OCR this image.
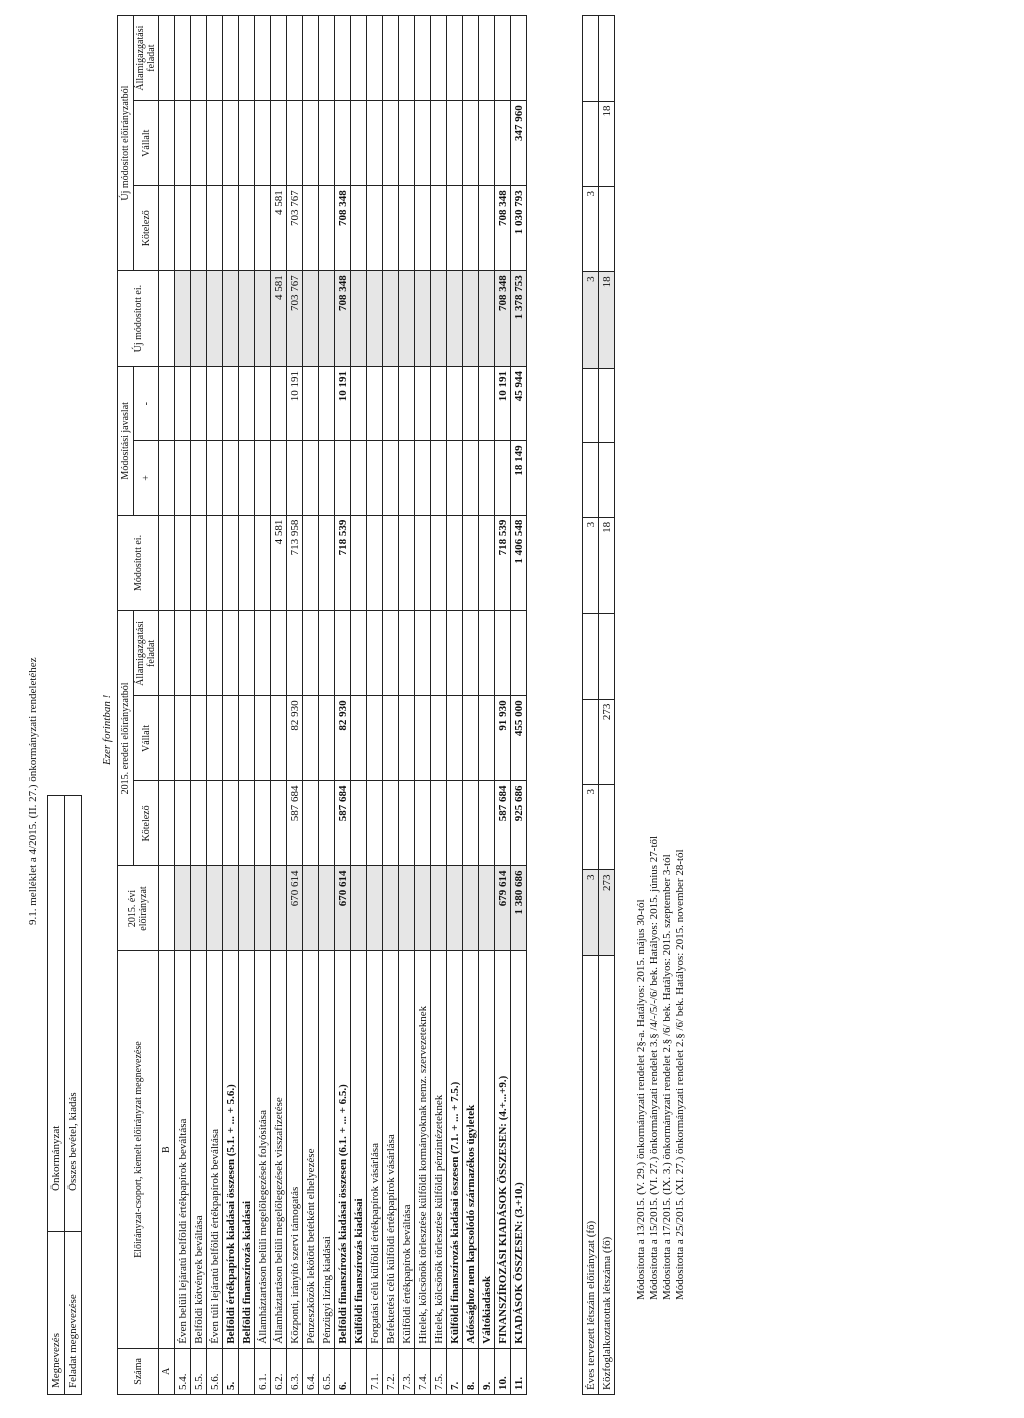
9.1. melléklet a 4/2015. (II. 27.) önkormányzati rendeletéhez
Megnevezés	Önkormányzat
Feladat megnevezése	Összes bevétel, kiadás
Ezer forintban !
Száma	Előirányzat-csoport, kiemelt előirányzat megnevezése	2015. évi előirányzat	2015. eredeti előirányzatból			Módosított ei.	Módosítási javaslat		Új módosított ei.	Új módosított előirányzatból		
			Kötelező	Vállalt	Államigazgatási feladat		+	-		Kötelező	Vállalt	Államigazgatási feladat
A	B											
5.4.	Éven belüli lejáratú belföldi értékpapírok beváltása											
5.5.	Belföldi kötvények beváltása											
5.6.	Éven túli lejáratú belföldi értékpapírok beváltása											
5.	Belföldi értékpapírok kiadásai összesen (5.1. + ... + 5.6.)											
	Belföldi finanszírozás kiadásai											
6.1.	Államháztartáson belüli megelőlegezések folyósítása											
6.2.	Államháztartáson belüli megelőlegezések visszafizetése					4 581			4 581	4 581		
6.3.	Központi, irányító szervi támogatás	670 614	587 684	82 930		713 958		10 191	703 767	703 767		
6.4.	Pénzeszközök lekötött betétként elhelyezése											
6.5.	Pénzügyi lízing kiadásai											
6.	Belföldi finanszírozás kiadásai összesen (6.1. + ... + 6.5.)	670 614	587 684	82 930		718 539		10 191	708 348	708 348		
	Külföldi finanszírozás kiadásai											
7.1.	Forgatási célú külföldi értékpapírok vásárlása											
7.2.	Befektetési célú külföldi értékpapírok vásárlása											
7.3.	Külföldi értékpapírok beváltása											
7.4.	Hitelek, kölcsönök törlesztése külföldi kormányoknak nemz. szervezeteknek											
7.5.	Hitelek, kölcsönök törlesztése külföldi pénzintézeteknek											
7.	Külföldi finanszírozás kiadásai összesen (7.1. + ... + 7.5.)											
8.	Adóssághoz nem kapcsolódó származékos ügyletek											
9.	Váltókiadások											
10.	FINANSZÍROZÁSI KIADÁSOK ÖSSZESEN: (4.+...+9.)	679 614	587 684	91 930		718 539		10 191	708 348	708 348		
11.	KIADÁSOK ÖSSZESEN: (3.+10.)	1 380 686	925 686	455 000		1 406 548	18 149	45 944	1 378 753	1 030 793	347 960	
Éves tervezett létszám előirányzat (fő)	3	3			3			3	3		
Közfoglalkoztatottak létszáma (fő)	273		273		18			18		18	
Módosította a 13/2015. (V. 29.) önkormányzati rendelet 2§-a. Hatályos: 2015. május 30-tól Módosította a 15/2015. (VI. 27.) önkormányzati rendelet 3.§ /4/-/5/-/6/ bek. Hatályos: 2015. június 27-től Módosította a 17/2015. (IX. 3.) önkormányzati rendelet 2.§ /6/ bek. Hatályos: 2015. szeptember 3-tól Módosította a 25/2015. (XI. 27.) önkormányzati rendelet 2.§ /6/ bek. Hatályos: 2015. november 28-tól
